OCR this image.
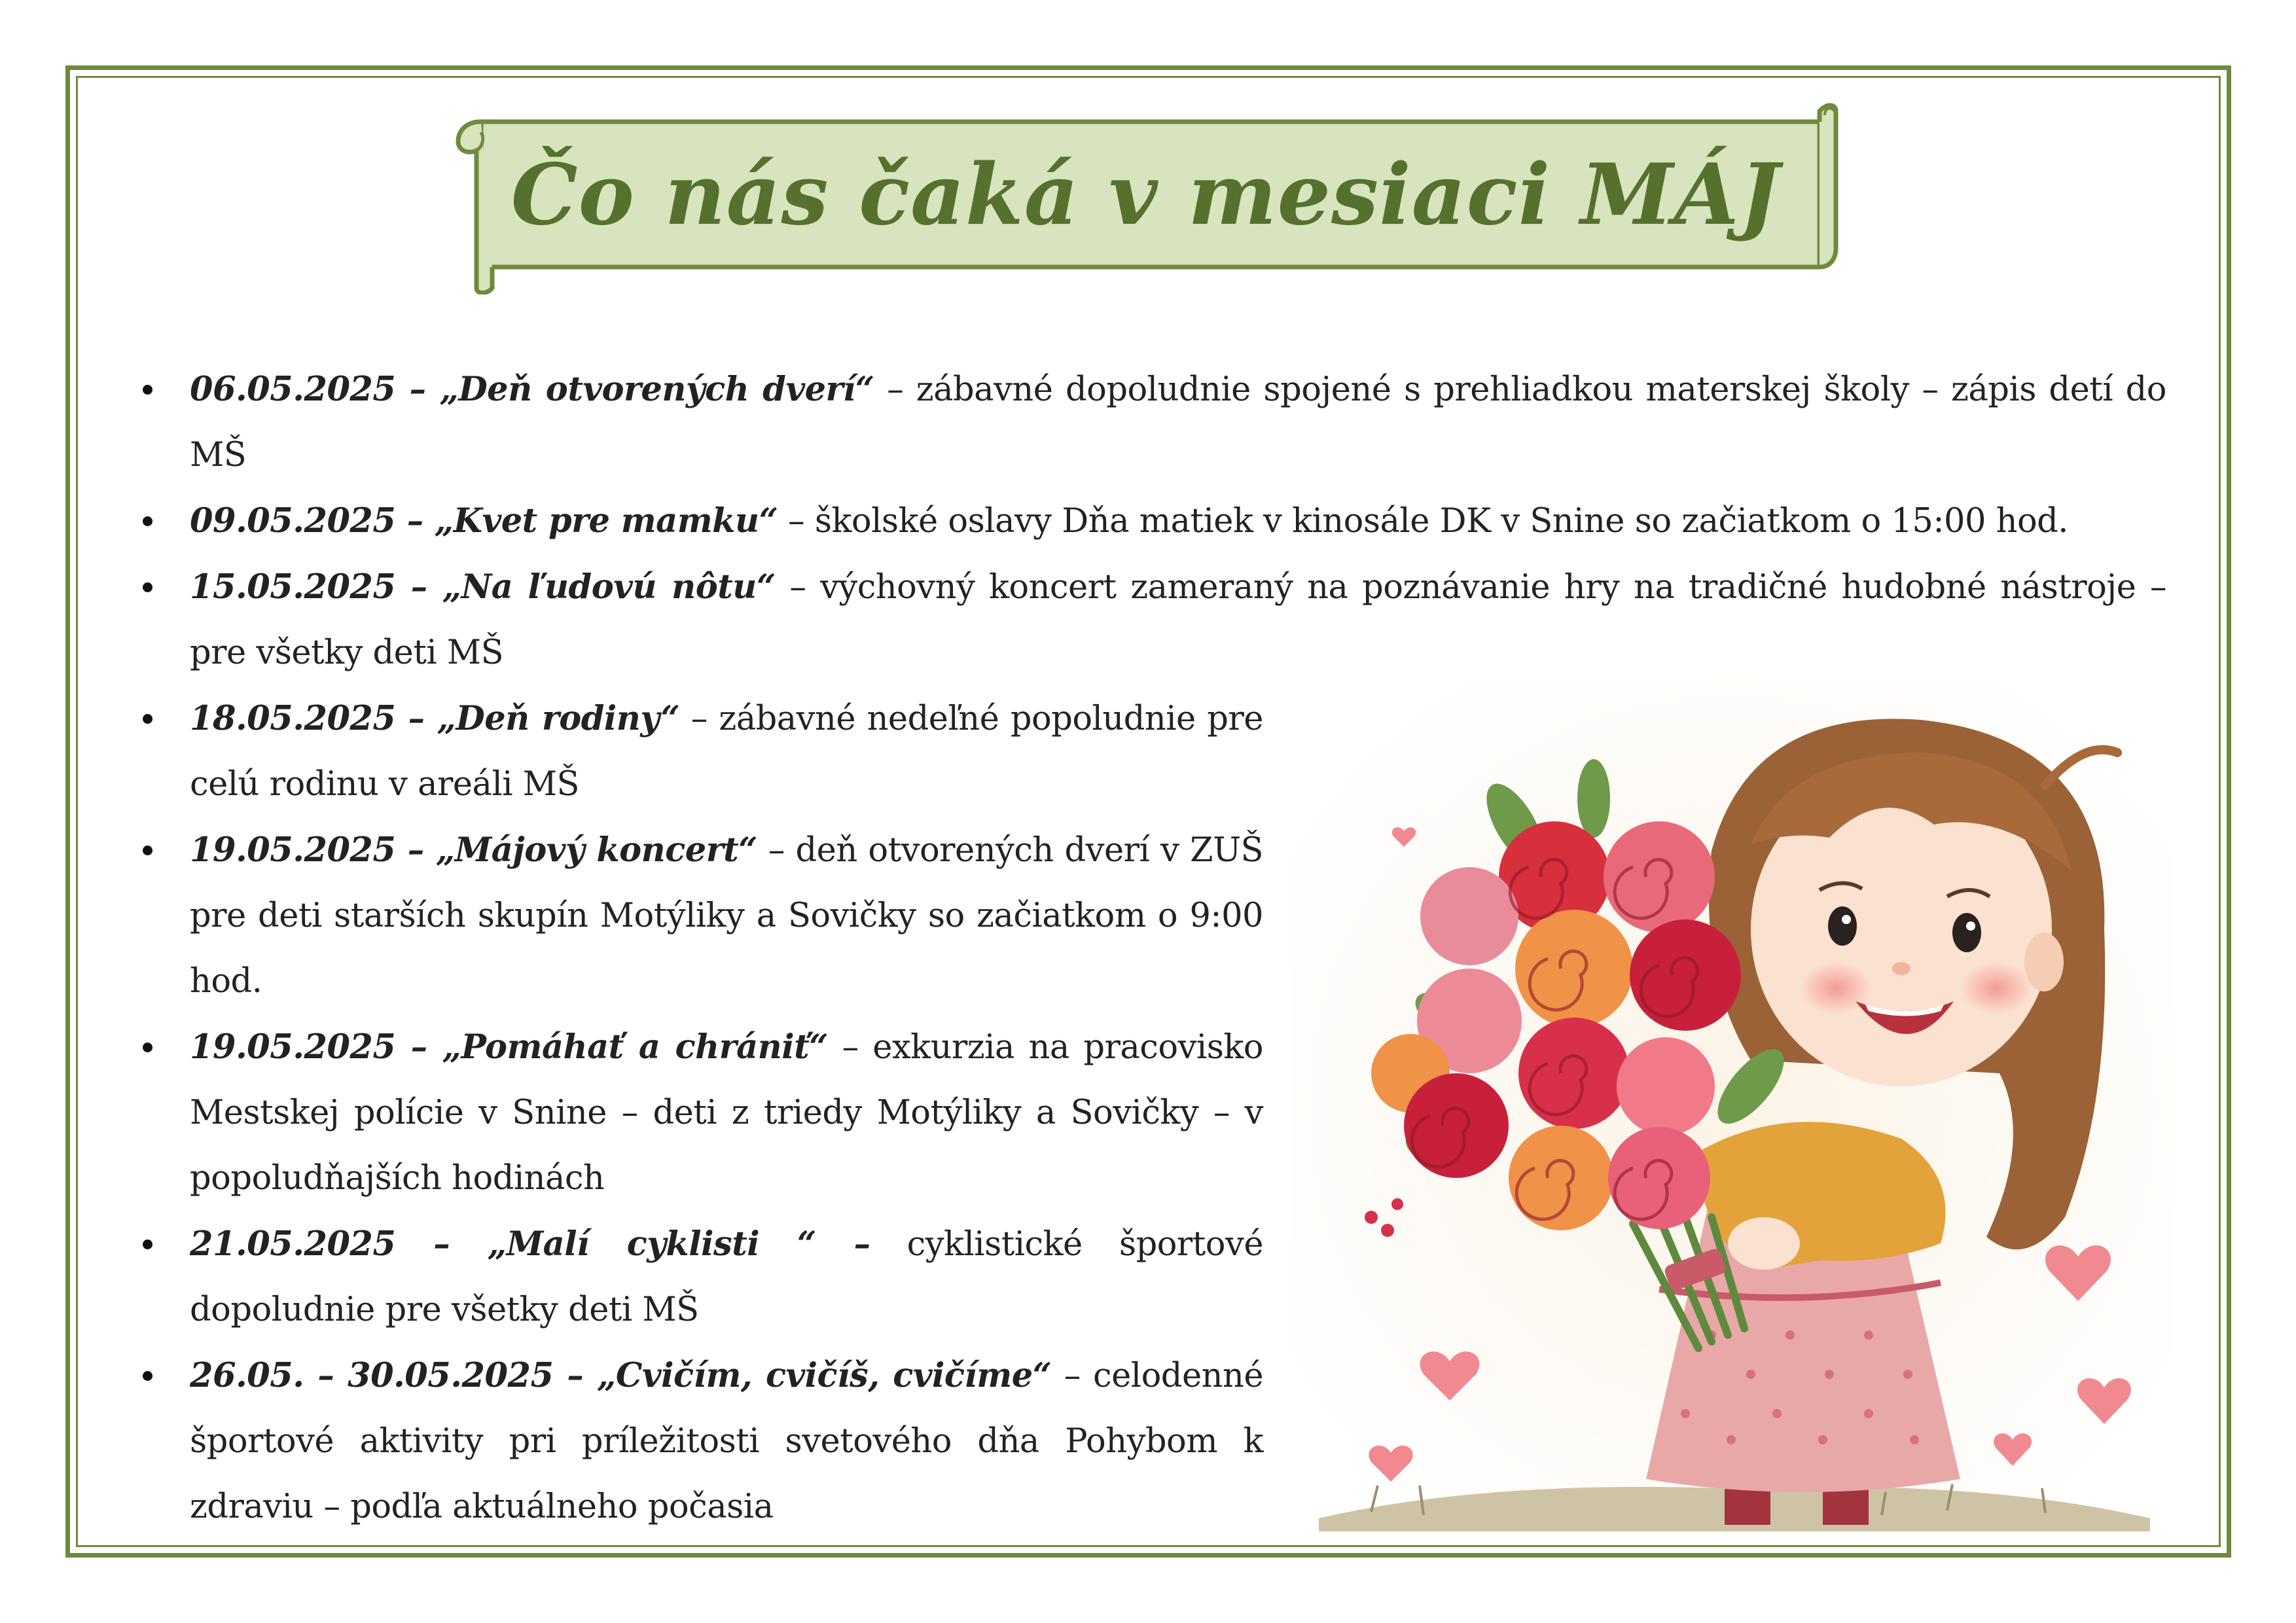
Čo nás čaká v mesiaci MÁJ
06.05.2025 – „Deň otvorených dverí“ – zábavné dopoludnie spojené s prehliadkou materskej školy – zápis detí do MŠ
09.05.2025 – „Kvet pre mamku“ – školské oslavy Dňa matiek v kinosále DK v Snine so začiatkom o 15:00 hod.
15.05.2025 – „Na ľudovú nôtu“ – výchovný koncert zameraný na poznávanie hry na tradičné hudobné nástroje – pre všetky deti MŠ
18.05.2025 – „Deň rodiny“ – zábavné nedeľné popoludnie pre celú rodinu v areáli MŠ
19.05.2025 – „Májový koncert“ – deň otvorených dverí v ZUŠ pre deti starších skupín Motýliky a Sovičky so začiatkom o 9:00 hod.
19.05.2025 – „Pomáhať a chrániť“ – exkurzia na pracovisko Mestskej polície v Snine – deti z triedy Motýliky a Sovičky – v popoludňajších hodinách
21.05.2025 – „Malí cyklisti “ – cyklistické športové dopoludnie pre všetky deti MŠ
26.05. – 30.05.2025 – „Cvičím, cvičíš, cvičíme“ – celodenné športové aktivity pri príležitosti svetového dňa Pohybom k zdraviu – podľa aktuálneho počasia
